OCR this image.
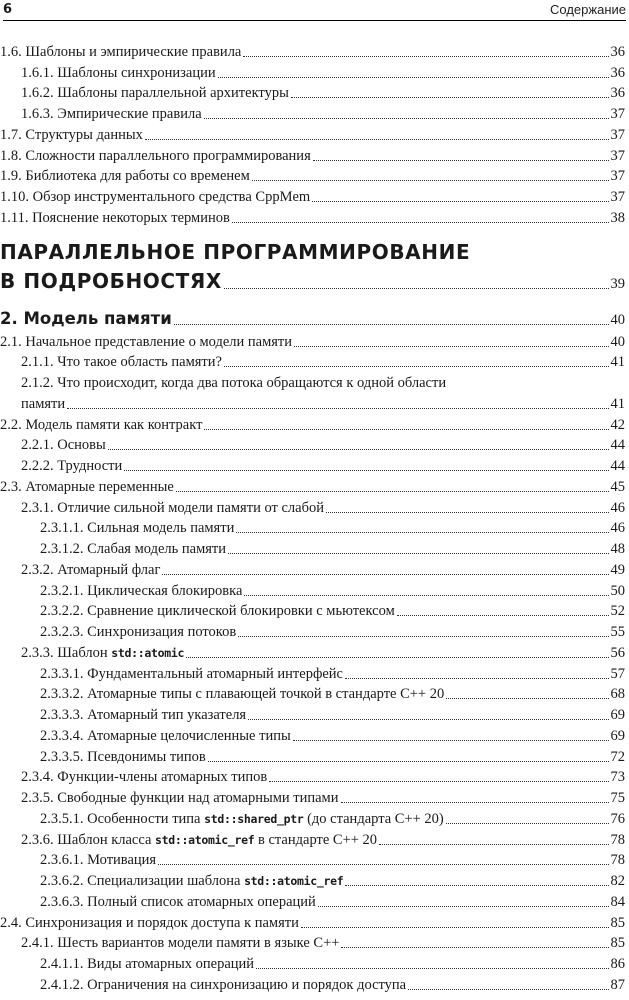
6	Содержание
1.6. Шаблоны и эмпирические правила	36
1.6.1. Шаблоны синхронизации	36
1.6.2. Шаблоны параллельной архитектуры	36
1.6.3. Эмпирические правила	37
1.7. Структуры данных	37
1.8. Сложности параллельного программирования	37
1.9. Библиотека для работы со временем	37
1.10. Обзор инструментального средства CppMem	37
1.11. Пояснение некоторых терминов	38
ПАРАЛЛЕЛЬНОЕ ПРОГРАММИРОВАНИЕ
В ПОДРОБНОСТЯХ	39
2. Модель памяти	40
2.1. Начальное представление о модели памяти	40
2.1.1. Что такое область памяти?	41
2.1.2. Что происходит, когда два потока обращаются к одной области
памяти	41
2.2. Модель памяти как контракт	42
2.2.1. Основы	44
2.2.2. Трудности	44
2.3. Атомарные переменные	45
2.3.1. Отличие сильной модели памяти от слабой	46
2.3.1.1. Сильная модель памяти	46
2.3.1.2. Слабая модель памяти	48
2.3.2. Атомарный флаг	49
2.3.2.1. Циклическая блокировка	50
2.3.2.2. Сравнение циклической блокировки с мьютексом	52
2.3.2.3. Синхронизация потоков	55
2.3.3. Шаблон std::atomic	56
2.3.3.1. Фундаментальный атомарный интерфейс	57
2.3.3.2. Атомарные типы с плавающей точкой в стандарте C++ 20	68
2.3.3.3. Атомарный тип указателя	69
2.3.3.4. Атомарные целочисленные типы	69
2.3.3.5. Псевдонимы типов	72
2.3.4. Функции-члены атомарных типов	73
2.3.5. Свободные функции над атомарными типами	75
2.3.5.1. Особенности типа std::shared_ptr (до стандарта C++ 20)	76
2.3.6. Шаблон класса std::atomic_ref в стандарте C++ 20	78
2.3.6.1. Мотивация	78
2.3.6.2. Специализации шаблона std::atomic_ref	82
2.3.6.3. Полный список атомарных операций	84
2.4. Синхронизация и порядок доступа к памяти	85
2.4.1. Шесть вариантов модели памяти в языке C++	85
2.4.1.1. Виды атомарных операций	86
2.4.1.2. Ограничения на синхронизацию и порядок доступа	87
